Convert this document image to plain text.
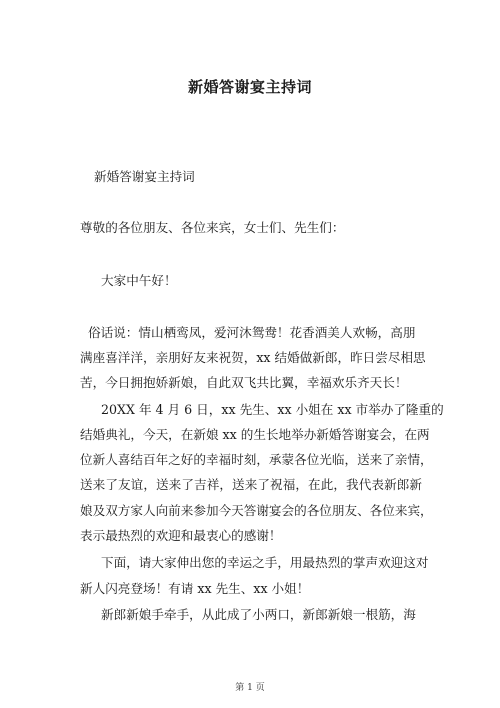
新婚答谢宴主持词
新婚答谢宴主持词
尊敬的各位朋友、各位来宾，女士们、先生们：
大家中午好！
俗话说：情山栖鸾凤，爱河沐鸳鸯！花香酒美人欢畅，高朋
满座喜洋洋，亲朋好友来祝贺，xx 结婚做新郎，昨日尝尽相思
苦，今日拥抱娇新娘，自此双飞共比翼，幸福欢乐齐天长！
20XX 年 4 月 6 日，xx 先生、xx 小姐在 xx 市举办了隆重的
结婚典礼，今天，在新娘 xx 的生长地举办新婚答谢宴会，在两
位新人喜结百年之好的幸福时刻，承蒙各位光临，送来了亲情，
送来了友谊，送来了吉祥，送来了祝福，在此，我代表新郎新
娘及双方家人向前来参加今天答谢宴会的各位朋友、各位来宾，
表示最热烈的欢迎和最衷心的感谢！
下面，请大家伸出您的幸运之手，用最热烈的掌声欢迎这对
新人闪亮登场！有请 xx 先生、xx 小姐！
新郎新娘手牵手，从此成了小两口，新郎新娘一根筋，海
第 1 页
